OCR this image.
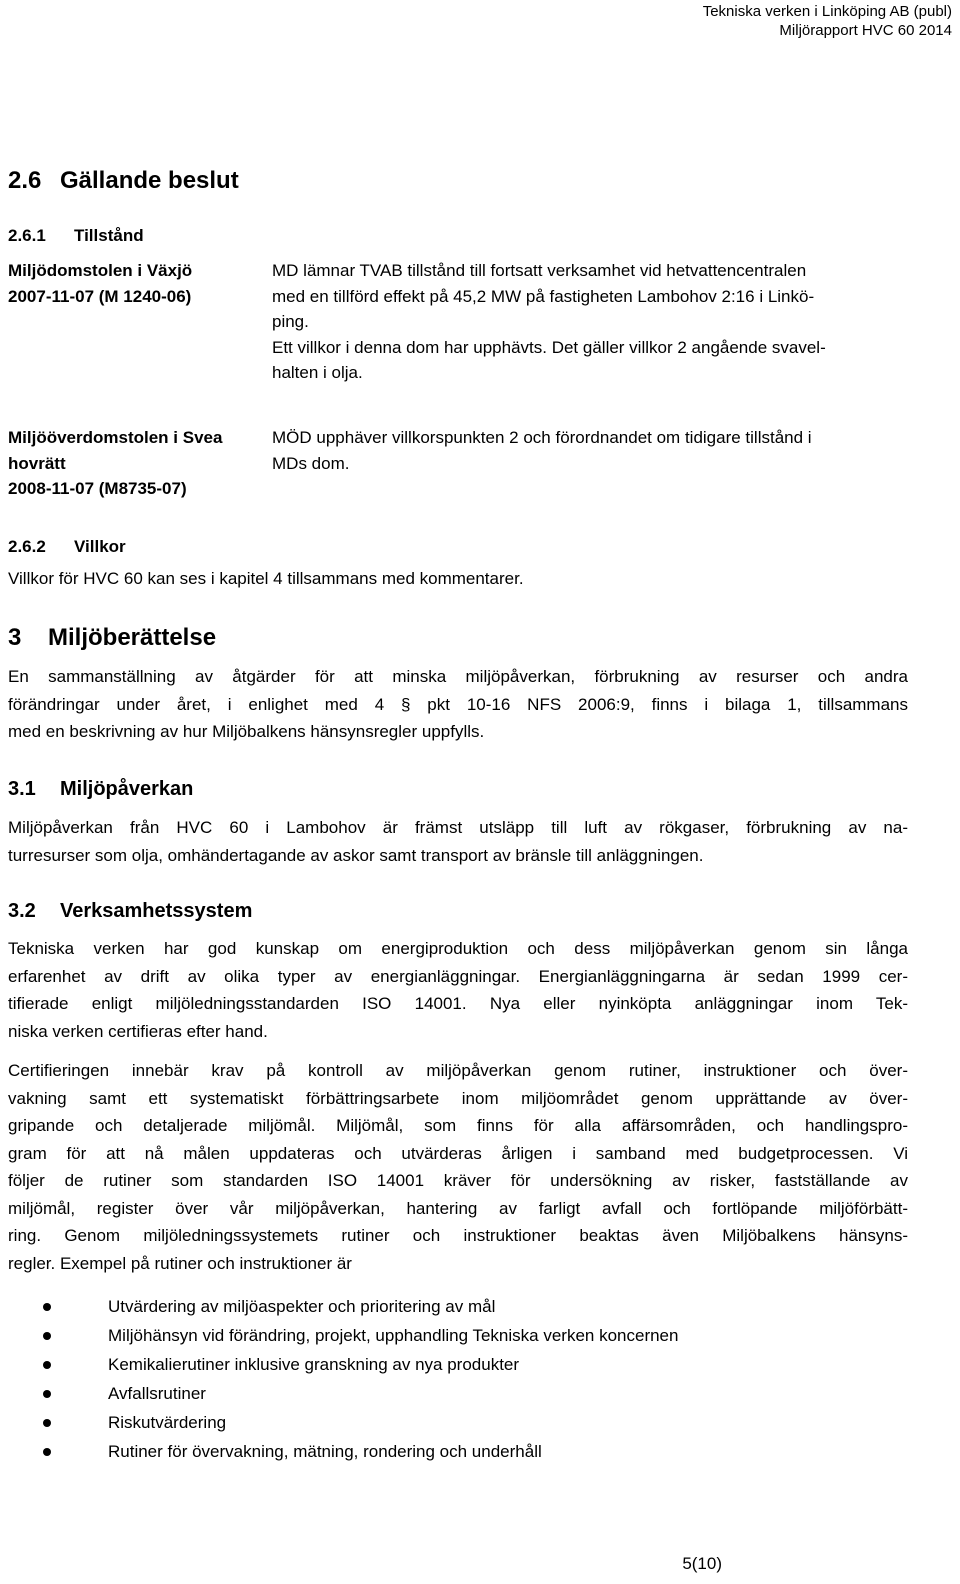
Tekniska verken i Linköping AB (publ)
Miljörapport HVC 60 2014
2.6 Gällande beslut
2.6.1 Tillstånd
Miljödomstolen i Växjö
2007-11-07 (M 1240-06)
MD lämnar TVAB tillstånd till fortsatt verksamhet vid hetvattencentralen
med en tillförd effekt på 45,2 MW på fastigheten Lambohov 2:16 i Linkö-
ping.
Ett villkor i denna dom har upphävts. Det gäller villkor 2 angående svavel-
halten i olja.
Miljööverdomstolen i Svea
hovrätt
2008-11-07 (M8735-07)
MÖD upphäver villkorspunkten 2 och förordnandet om tidigare tillstånd i
MDs dom.
2.6.2 Villkor
Villkor för HVC 60 kan ses i kapitel 4 tillsammans med kommentarer.
3 Miljöberättelse
En sammanställning av åtgärder för att minska miljöpåverkan, förbrukning av resurser och andra
förändringar under året, i enlighet med 4 § pkt 10-16 NFS 2006:9, finns i bilaga 1, tillsammans
med en beskrivning av hur Miljöbalkens hänsynsregler uppfylls.
3.1 Miljöpåverkan
Miljöpåverkan från HVC 60 i Lambohov är främst utsläpp till luft av rökgaser, förbrukning av na-
turresurser som olja, omhändertagande av askor samt transport av bränsle till anläggningen.
3.2 Verksamhetssystem
Tekniska verken har god kunskap om energiproduktion och dess miljöpåverkan genom sin långa
erfarenhet av drift av olika typer av energianläggningar. Energianläggningarna är sedan 1999 cer-
tifierade enligt miljöledningsstandarden ISO 14001. Nya eller nyinköpta anläggningar inom Tek-
niska verken certifieras efter hand.
Certifieringen innebär krav på kontroll av miljöpåverkan genom rutiner, instruktioner och över-
vakning samt ett systematiskt förbättringsarbete inom miljöområdet genom upprättande av över-
gripande och detaljerade miljömål. Miljömål, som finns för alla affärsområden, och handlingspro-
gram för att nå målen uppdateras och utvärderas årligen i samband med budgetprocessen. Vi
följer de rutiner som standarden ISO 14001 kräver för undersökning av risker, fastställande av
miljömål, register över vår miljöpåverkan, hantering av farligt avfall och fortlöpande miljöförbätt-
ring. Genom miljöledningssystemets rutiner och instruktioner beaktas även Miljöbalkens hänsyns-
regler. Exempel på rutiner och instruktioner är
Utvärdering av miljöaspekter och prioritering av mål
Miljöhänsyn vid förändring, projekt, upphandling Tekniska verken koncernen
Kemikalierutiner inklusive granskning av nya produkter
Avfallsrutiner
Riskutvärdering
Rutiner för övervakning, mätning, rondering och underhåll
5(10)
